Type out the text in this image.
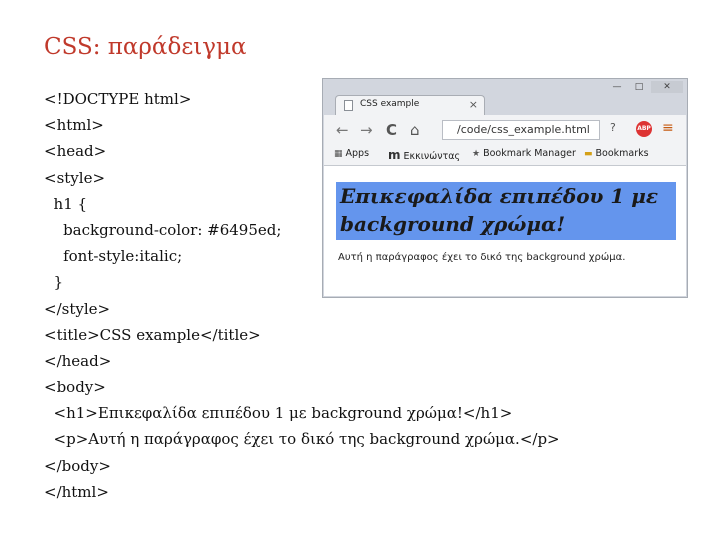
CSS: παράδειγμα
<!DOCTYPE html>
<html>
<head>
<style>
h1 {
background-color: #6495ed;
font-style:italic;
}
</style>
<title>CSS example</title>
</head>
<body>
<h1>Επικεφαλίδα επιπέδου 1 με background χρώμα!</h1>
<p>Αυτή η παράγραφος έχει το δικό της background χρώμα.</p>
</body>
</html>
—	□	✕
CSS example	×
← → C ⌂	/code/css_example.html	?	ABP ≡
▦ Apps m Εκκινώντας ★ Bookmark Manager ▬ Bookmarks
Επικεφαλίδα επιπέδου 1 με background χρώμα!
Αυτή η παράγραφος έχει το δικό της background χρώμα.
